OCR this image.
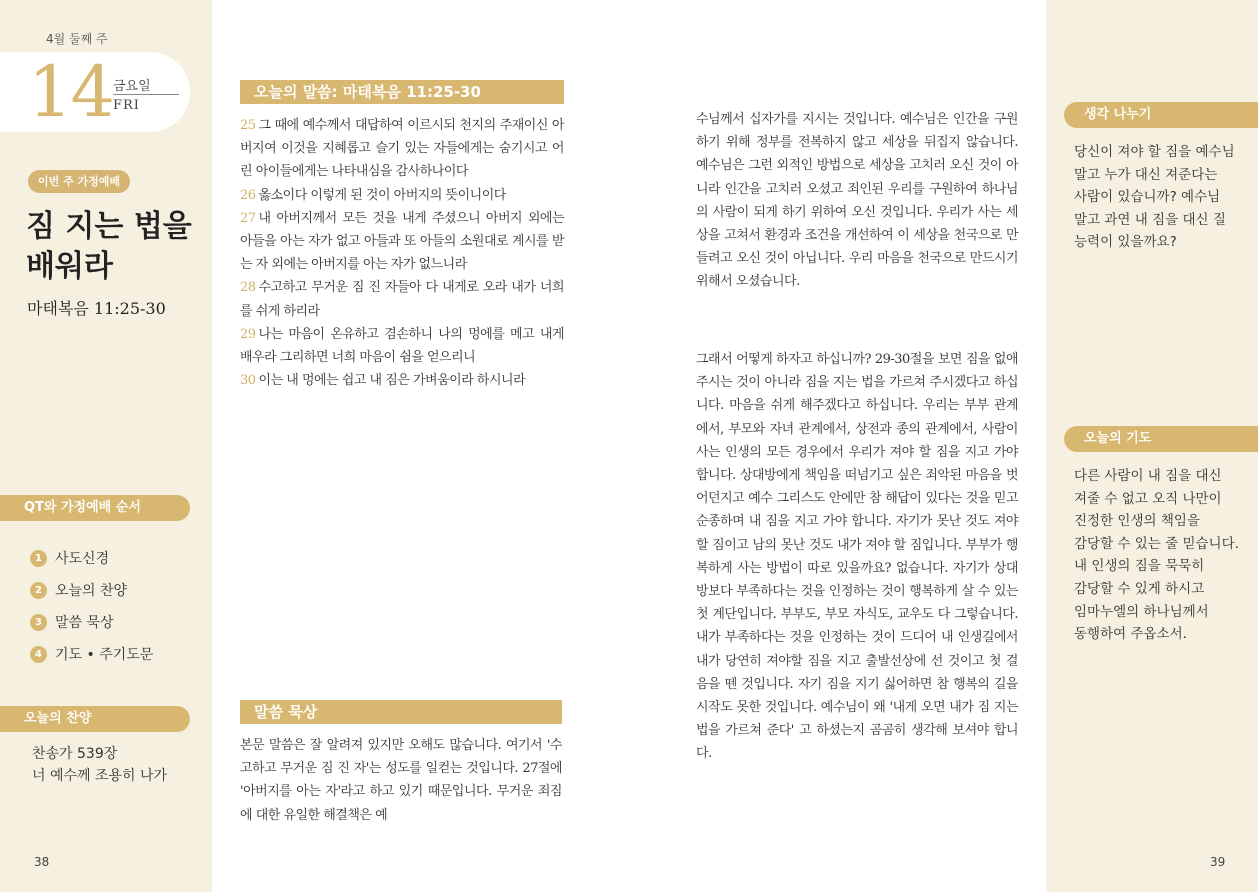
4월 둘째 주
14 금요일
FRI
이번 주 가정예배
짐 지는 법을
배워라
마태복음 11:25-30
QT와 가정예배 순서
1 사도신경
2 오늘의 찬양
3 말씀 묵상
4 기도 • 주기도문
오늘의 찬양
찬송가 539장
너 예수께 조용히 나가
38
오늘의 말씀: 마태복음 11:25-30
25 그 때에 예수께서 대답하여 이르시되 천지의 주재이신 아버지여 이것을 지혜롭고 슬기 있는 자들에게는 숨기시고 어린 아이들에게는 나타내심을 감사하나이다
26 옳소이다 이렇게 된 것이 아버지의 뜻이니이다
27 내 아버지께서 모든 것을 내게 주셨으니 아버지 외에는 아들을 아는 자가 없고 아들과 또 아들의 소원대로 계시를 받는 자 외에는 아버지를 아는 자가 없느니라
28 수고하고 무거운 짐 진 자들아 다 내게로 오라 내가 너희를 쉬게 하리라
29 나는 마음이 온유하고 겸손하니 나의 멍에를 메고 내게 배우라 그리하면 너희 마음이 쉼을 얻으리니
30 이는 내 멍에는 쉽고 내 짐은 가벼움이라 하시니라
말씀 묵상
본문 말씀은 잘 알려져 있지만 오해도 많습니다. 여기서 '수고하고 무거운 짐 진 자'는 성도를 일컫는 것입니다. 27절에 '아버지를 아는 자'라고 하고 있기 때문입니다. 무거운 죄짐에 대한 유일한 해결책은 예
수님께서 십자가를 지시는 것입니다. 예수님은 인간을 구원하기 위해 정부를 전복하지 않고 세상을 뒤집지 않습니다. 예수님은 그런 외적인 방법으로 세상을 고치러 오신 것이 아니라 인간을 고치러 오셨고 죄인된 우리를 구원하여 하나님의 사람이 되게 하기 위하여 오신 것입니다. 우리가 사는 세상을 고쳐서 환경과 조건을 개선하여 이 세상을 천국으로 만들려고 오신 것이 아닙니다. 우리 마음을 천국으로 만드시기 위해서 오셨습니다.
그래서 어떻게 하자고 하십니까? 29-30절을 보면 짐을 없애주시는 것이 아니라 짐을 지는 법을 가르쳐 주시겠다고 하십니다. 마음을 쉬게 해주겠다고 하십니다. 우리는 부부 관계에서, 부모와 자녀 관계에서, 상전과 종의 관계에서, 사람이 사는 인생의 모든 경우에서 우리가 져야 할 짐을 지고 가야 합니다. 상대방에게 책임을 떠넘기고 싶은 죄악된 마음을 벗어던지고 예수 그리스도 안에만 참 해답이 있다는 것을 믿고 순종하며 내 짐을 지고 가야 합니다. 자기가 못난 것도 져야 할 짐이고 남의 못난 것도 내가 져야 할 짐입니다. 부부가 행복하게 사는 방법이 따로 있을까요? 없습니다. 자기가 상대방보다 부족하다는 것을 인정하는 것이 행복하게 살 수 있는 첫 계단입니다. 부부도, 부모 자식도, 교우도 다 그렇습니다. 내가 부족하다는 것을 인정하는 것이 드디어 내 인생길에서 내가 당연히 져야할 짐을 지고 출발선상에 선 것이고 첫 걸음을 뗀 것입니다. 자기 짐을 지기 싫어하면 참 행복의 길을 시작도 못한 것입니다. 예수님이 왜 '내게 오면 내가 짐 지는 법을 가르쳐 준다' 고 하셨는지 곰곰히 생각해 보셔야 합니다.
생각 나누기
당신이 져야 할 짐을 예수님
말고 누가 대신 져준다는
사람이 있습니까? 예수님
말고 과연 내 짐을 대신 질
능력이 있을까요?
오늘의 기도
다른 사람이 내 짐을 대신
져줄 수 없고 오직 나만이
진정한 인생의 책임을
감당할 수 있는 줄 믿습니다.
내 인생의 짐을 묵묵히
감당할 수 있게 하시고
임마누엘의 하나님께서
동행하여 주옵소서.
39
